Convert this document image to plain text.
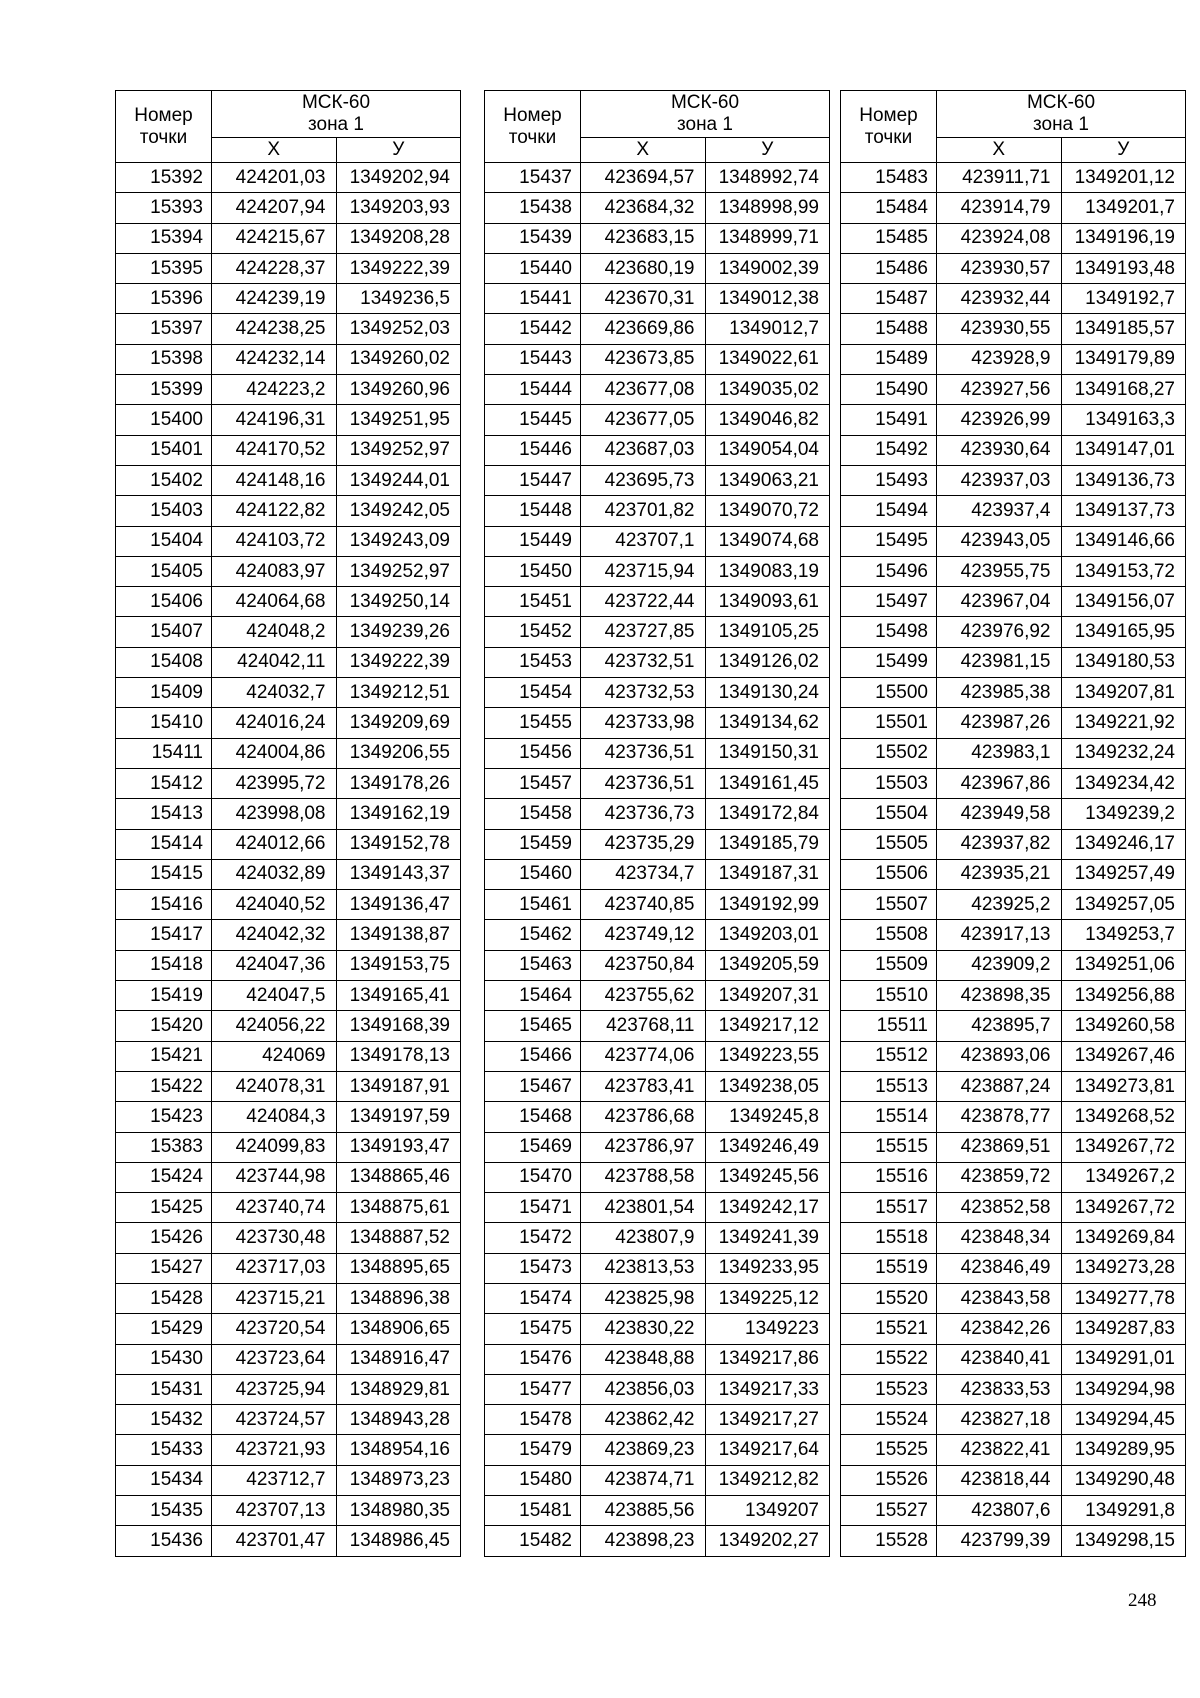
Номер
точки	МСК-60
зона 1	

	Х	У
15392	424201,03	1349202,94
15393	424207,94	1349203,93
15394	424215,67	1349208,28
15395	424228,37	1349222,39
15396	424239,19	1349236,5
15397	424238,25	1349252,03
15398	424232,14	1349260,02
15399	424223,2	1349260,96
15400	424196,31	1349251,95
15401	424170,52	1349252,97
15402	424148,16	1349244,01
15403	424122,82	1349242,05
15404	424103,72	1349243,09
15405	424083,97	1349252,97
15406	424064,68	1349250,14
15407	424048,2	1349239,26
15408	424042,11	1349222,39
15409	424032,7	1349212,51
15410	424016,24	1349209,69
15411	424004,86	1349206,55
15412	423995,72	1349178,26
15413	423998,08	1349162,19
15414	424012,66	1349152,78
15415	424032,89	1349143,37
15416	424040,52	1349136,47
15417	424042,32	1349138,87
15418	424047,36	1349153,75
15419	424047,5	1349165,41
15420	424056,22	1349168,39
15421	424069	1349178,13
15422	424078,31	1349187,91
15423	424084,3	1349197,59
15383	424099,83	1349193,47
15424	423744,98	1348865,46
15425	423740,74	1348875,61
15426	423730,48	1348887,52
15427	423717,03	1348895,65
15428	423715,21	1348896,38
15429	423720,54	1348906,65
15430	423723,64	1348916,47
15431	423725,94	1348929,81
15432	423724,57	1348943,28
15433	423721,93	1348954,16
15434	423712,7	1348973,23
15435	423707,13	1348980,35
15436	423701,47	1348986,45
Номер
точки	МСК-60
зона 1	

	Х	У
15437	423694,57	1348992,74
15438	423684,32	1348998,99
15439	423683,15	1348999,71
15440	423680,19	1349002,39
15441	423670,31	1349012,38
15442	423669,86	1349012,7
15443	423673,85	1349022,61
15444	423677,08	1349035,02
15445	423677,05	1349046,82
15446	423687,03	1349054,04
15447	423695,73	1349063,21
15448	423701,82	1349070,72
15449	423707,1	1349074,68
15450	423715,94	1349083,19
15451	423722,44	1349093,61
15452	423727,85	1349105,25
15453	423732,51	1349126,02
15454	423732,53	1349130,24
15455	423733,98	1349134,62
15456	423736,51	1349150,31
15457	423736,51	1349161,45
15458	423736,73	1349172,84
15459	423735,29	1349185,79
15460	423734,7	1349187,31
15461	423740,85	1349192,99
15462	423749,12	1349203,01
15463	423750,84	1349205,59
15464	423755,62	1349207,31
15465	423768,11	1349217,12
15466	423774,06	1349223,55
15467	423783,41	1349238,05
15468	423786,68	1349245,8
15469	423786,97	1349246,49
15470	423788,58	1349245,56
15471	423801,54	1349242,17
15472	423807,9	1349241,39
15473	423813,53	1349233,95
15474	423825,98	1349225,12
15475	423830,22	1349223
15476	423848,88	1349217,86
15477	423856,03	1349217,33
15478	423862,42	1349217,27
15479	423869,23	1349217,64
15480	423874,71	1349212,82
15481	423885,56	1349207
15482	423898,23	1349202,27
Номер
точки	МСК-60
зона 1	

	Х	У
15483	423911,71	1349201,12
15484	423914,79	1349201,7
15485	423924,08	1349196,19
15486	423930,57	1349193,48
15487	423932,44	1349192,7
15488	423930,55	1349185,57
15489	423928,9	1349179,89
15490	423927,56	1349168,27
15491	423926,99	1349163,3
15492	423930,64	1349147,01
15493	423937,03	1349136,73
15494	423937,4	1349137,73
15495	423943,05	1349146,66
15496	423955,75	1349153,72
15497	423967,04	1349156,07
15498	423976,92	1349165,95
15499	423981,15	1349180,53
15500	423985,38	1349207,81
15501	423987,26	1349221,92
15502	423983,1	1349232,24
15503	423967,86	1349234,42
15504	423949,58	1349239,2
15505	423937,82	1349246,17
15506	423935,21	1349257,49
15507	423925,2	1349257,05
15508	423917,13	1349253,7
15509	423909,2	1349251,06
15510	423898,35	1349256,88
15511	423895,7	1349260,58
15512	423893,06	1349267,46
15513	423887,24	1349273,81
15514	423878,77	1349268,52
15515	423869,51	1349267,72
15516	423859,72	1349267,2
15517	423852,58	1349267,72
15518	423848,34	1349269,84
15519	423846,49	1349273,28
15520	423843,58	1349277,78
15521	423842,26	1349287,83
15522	423840,41	1349291,01
15523	423833,53	1349294,98
15524	423827,18	1349294,45
15525	423822,41	1349289,95
15526	423818,44	1349290,48
15527	423807,6	1349291,8
15528	423799,39	1349298,15
248
